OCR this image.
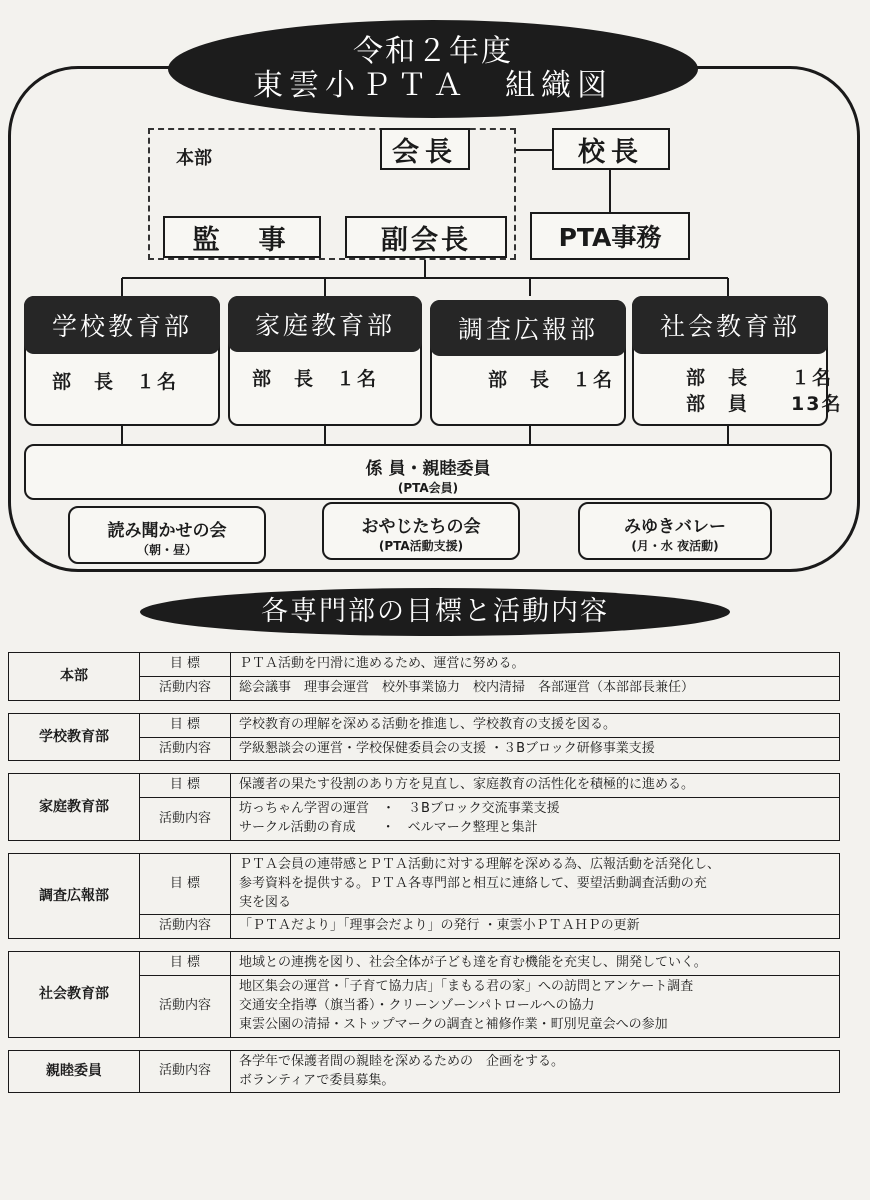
本部
令和２年度
東雲小ＰＴＡ　組織図
会長	校長
監　事	副会長	PTA事務
学校教育部
部　長　１名
家庭教育部
部　長　１名
調査広報部
部　長　１名
社会教育部
部　長　　１名
部　員　　13名
係 員・親睦委員
(PTA会員)
読み聞かせの会
（朝・昼）
おやじたちの会
(PTA活動支援)
みゆきバレー
(月・水 夜活動)
各専門部の目標と活動内容
本部	目 標	ＰＴＡ活動を円滑に進めるため、運営に努める。

	活動内容	総会議事　理事会運営　校外事業協力　校内清掃　各部運営（本部部長兼任）

学校教育部	目 標	学校教育の理解を深める活動を推進し、学校教育の支援を図る。

	活動内容	学級懇談会の運営・学校保健委員会の支援 ・３Bブロック研修事業支援

家庭教育部	目 標	保護者の果たす役割のあり方を見直し、家庭教育の活性化を積極的に進める。

	活動内容	坊っちゃん学習の運営　・　３Bブロック交流事業支援
サークル活動の育成　　・　ベルマーク整理と集計

調査広報部	目 標	ＰＴＡ会員の連帯感とＰＴＡ活動に対する理解を深める為、広報活動を活発化し、
参考資料を提供する。ＰＴＡ各専門部と相互に連絡して、要望活動調査活動の充
実を図る

	活動内容	「ＰＴＡだより」「理事会だより」の発行 ・東雲小ＰＴＡＨＰの更新

社会教育部	目 標	地域との連携を図り、社会全体が子ども達を育む機能を充実し、開発していく。

	活動内容	地区集会の運営・「子育て協力店」「まもる君の家」への訪問とアンケート調査
交通安全指導（旗当番）・クリーンゾーンパトロールへの協力
東雲公園の清掃・ストップマークの調査と補修作業・町別児童会への参加

親睦委員	活動内容	各学年で保護者間の親睦を深めるための　企画をする。
ボランティアで委員募集。
